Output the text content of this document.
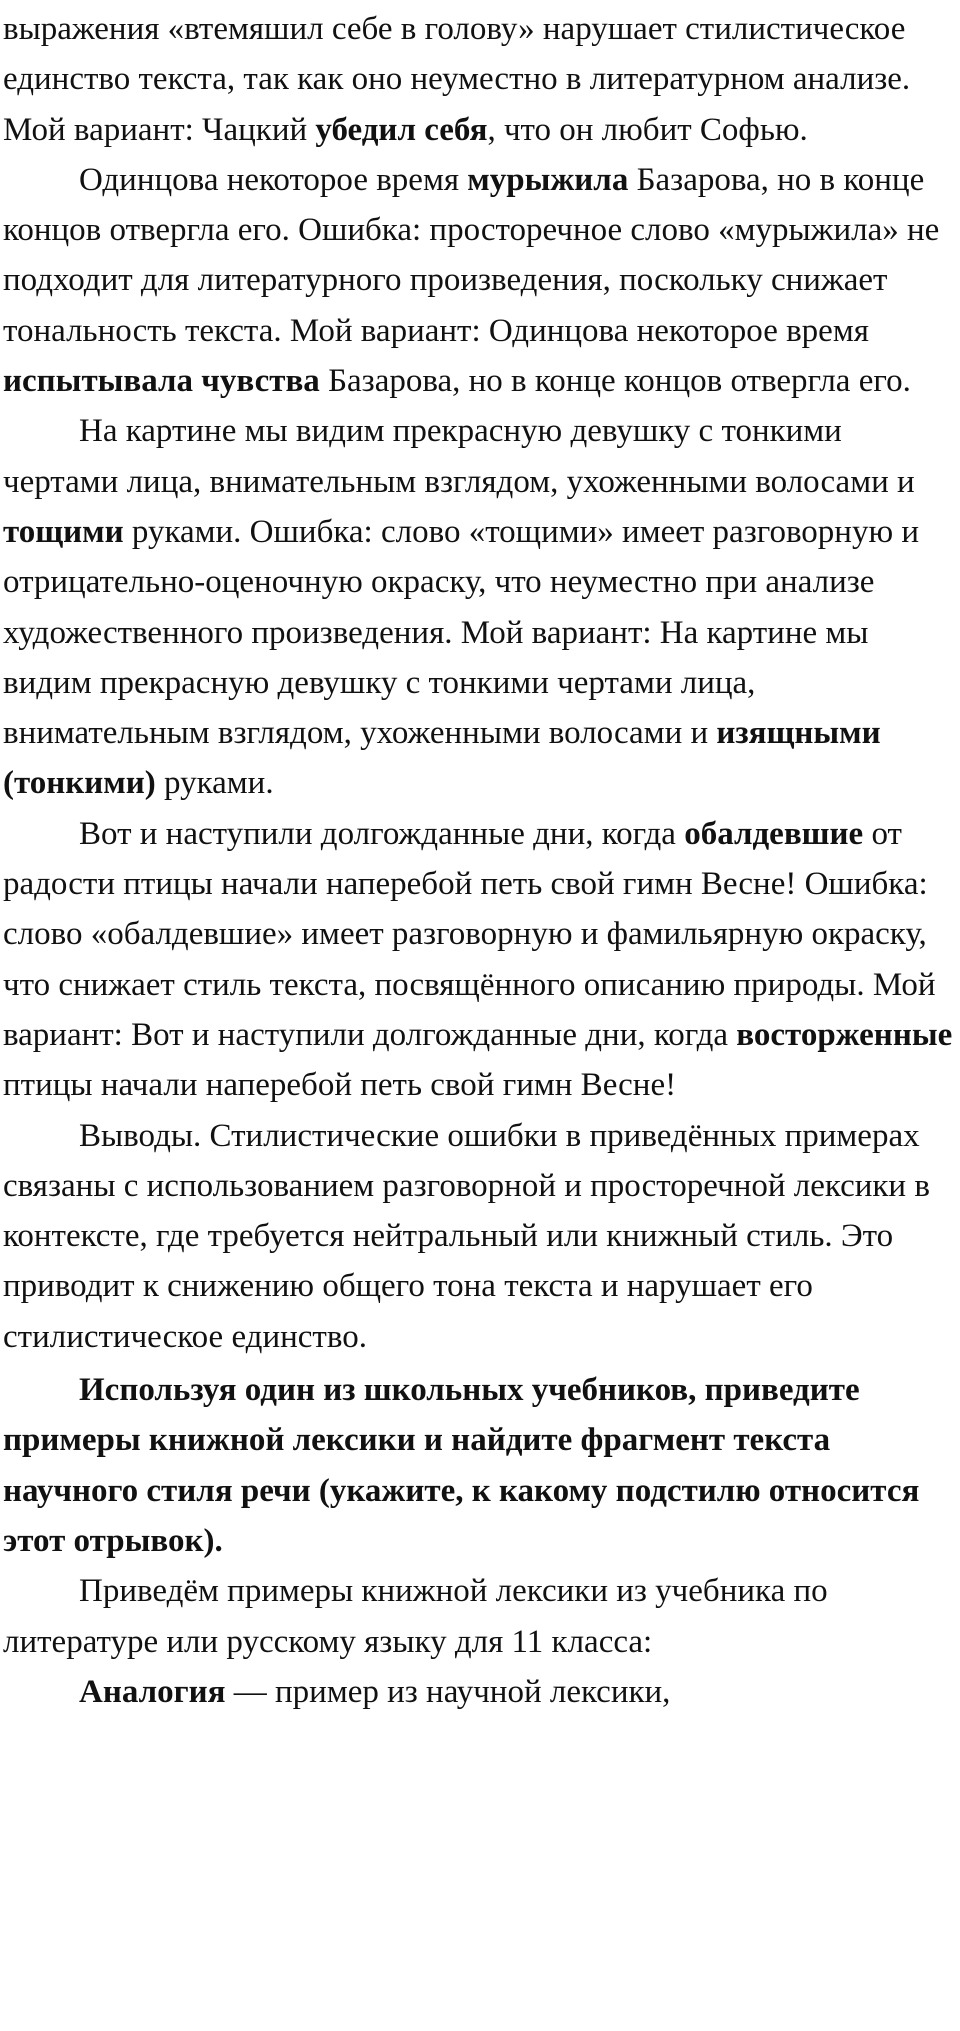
выражения «втемяшил себе в голову» нарушает стилистическое единство текста, так как оно неуместно в литературном анализе. Мой вариант: Чацкий убедил себя, что он любит Софью.

Одинцова некоторое время мурыжила Базарова, но в конце концов отвергла его. Ошибка: просторечное слово «мурыжила» не подходит для литературного произведения, поскольку снижает тональность текста. Мой вариант: Одинцова некоторое время испытывала чувства Базарова, но в конце концов отвергла его.

На картине мы видим прекрасную девушку с тонкими чертами лица, внимательным взглядом, ухоженными волосами и тощими руками. Ошибка: слово «тощими» имеет разговорную и отрицательно-оценочную окраску, что неуместно при анализе художественного произведения. Мой вариант: На картине мы видим прекрасную девушку с тонкими чертами лица, внимательным взглядом, ухоженными волосами и изящными (тонкими) руками.

Вот и наступили долгожданные дни, когда обалдевшие от радости птицы начали наперебой петь свой гимн Весне! Ошибка: слово «обалдевшие» имеет разговорную и фамильярную окраску, что снижает стиль текста, посвящённого описанию природы. Мой вариант: Вот и наступили долгожданные дни, когда восторженные птицы начали наперебой петь свой гимн Весне!

Выводы. Стилистические ошибки в приведённых примерах связаны с использованием разговорной и просторечной лексики в контексте, где требуется нейтральный или книжный стиль. Это приводит к снижению общего тона текста и нарушает его стилистическое единство.

Используя один из школьных учебников, приведите примеры книжной лексики и найдите фрагмент текста научного стиля речи (укажите, к какому подстилю относится этот отрывок).

Приведём примеры книжной лексики из учебника по литературе или русскому языку для 11 класса:

Аналогия — пример из научной лексики,
